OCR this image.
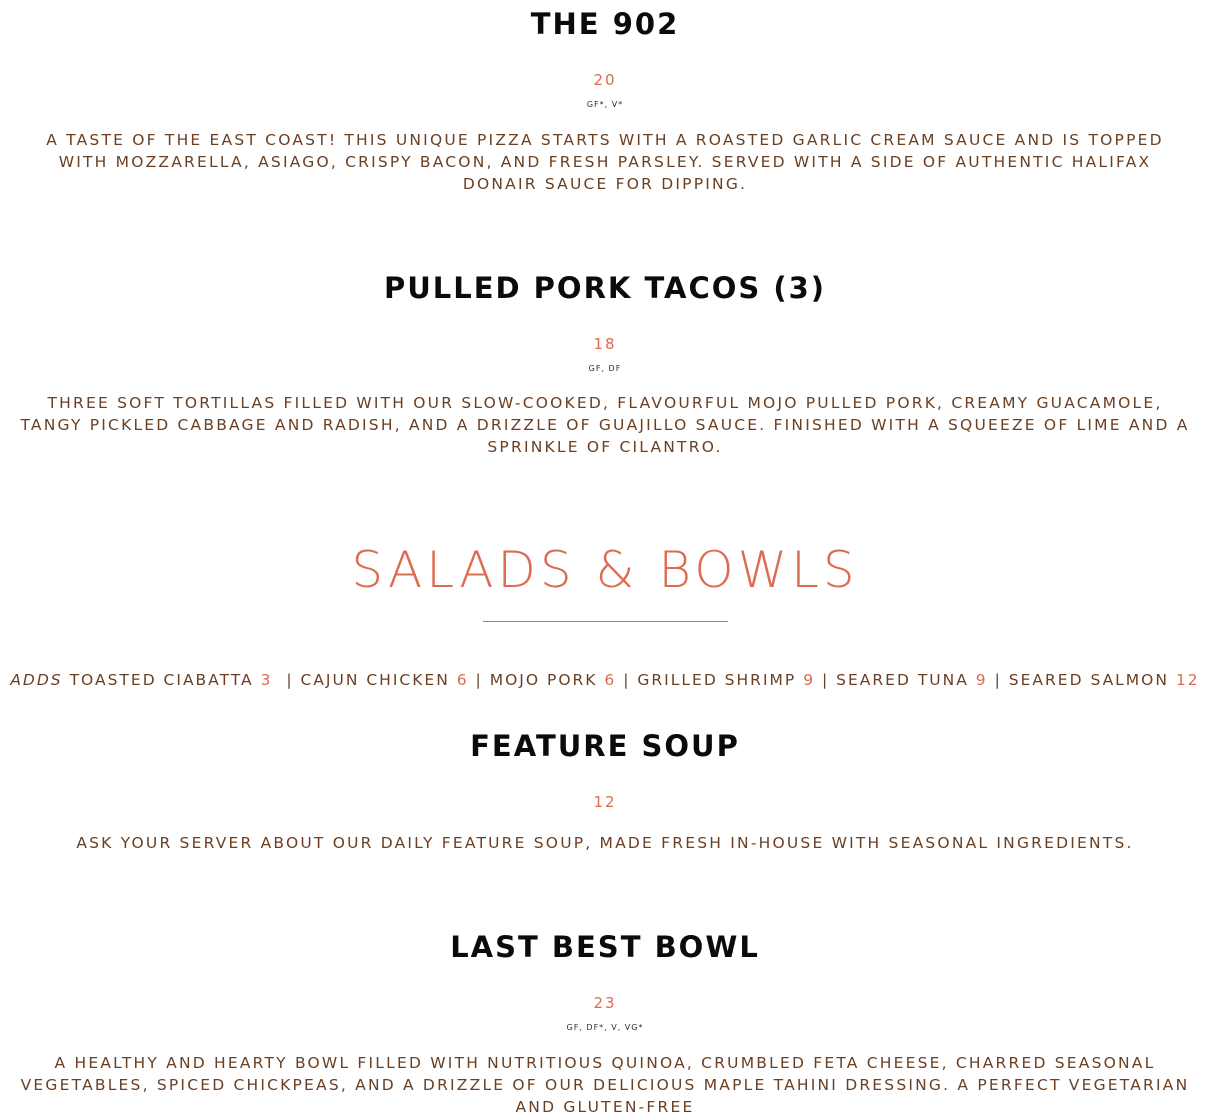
THE 902
20
GF*, V*

A TASTE OF THE EAST COAST! THIS UNIQUE PIZZA STARTS WITH A ROASTED GARLIC CREAM SAUCE AND IS TOPPED WITH MOZZARELLA, ASIAGO, CRISPY BACON, AND FRESH PARSLEY. SERVED WITH A SIDE OF AUTHENTIC HALIFAX DONAIR SAUCE FOR DIPPING.

PULLED PORK TACOS (3)
18
GF, DF

THREE SOFT TORTILLAS FILLED WITH OUR SLOW-COOKED, FLAVOURFUL MOJO PULLED PORK, CREAMY GUACAMOLE, TANGY PICKLED CABBAGE AND RADISH, AND A DRIZZLE OF GUAJILLO SAUCE. FINISHED WITH A SQUEEZE OF LIME AND A SPRINKLE OF CILANTRO.

SALADS & BOWLS
ADDS TOASTED CIABATTA 3 | CAJUN CHICKEN 6 | MOJO PORK 6 | GRILLED SHRIMP 9 | SEARED TUNA 9 | SEARED SALMON 12
FEATURE SOUP
12

ASK YOUR SERVER ABOUT OUR DAILY FEATURE SOUP, MADE FRESH IN-HOUSE WITH SEASONAL INGREDIENTS.

LAST BEST BOWL
23
GF, DF*, V, VG*

A HEALTHY AND HEARTY BOWL FILLED WITH NUTRITIOUS QUINOA, CRUMBLED FETA CHEESE, CHARRED SEASONAL VEGETABLES, SPICED CHICKPEAS, AND A DRIZZLE OF OUR DELICIOUS MAPLE TAHINI DRESSING. A PERFECT VEGETARIAN AND GLUTEN-FREE
